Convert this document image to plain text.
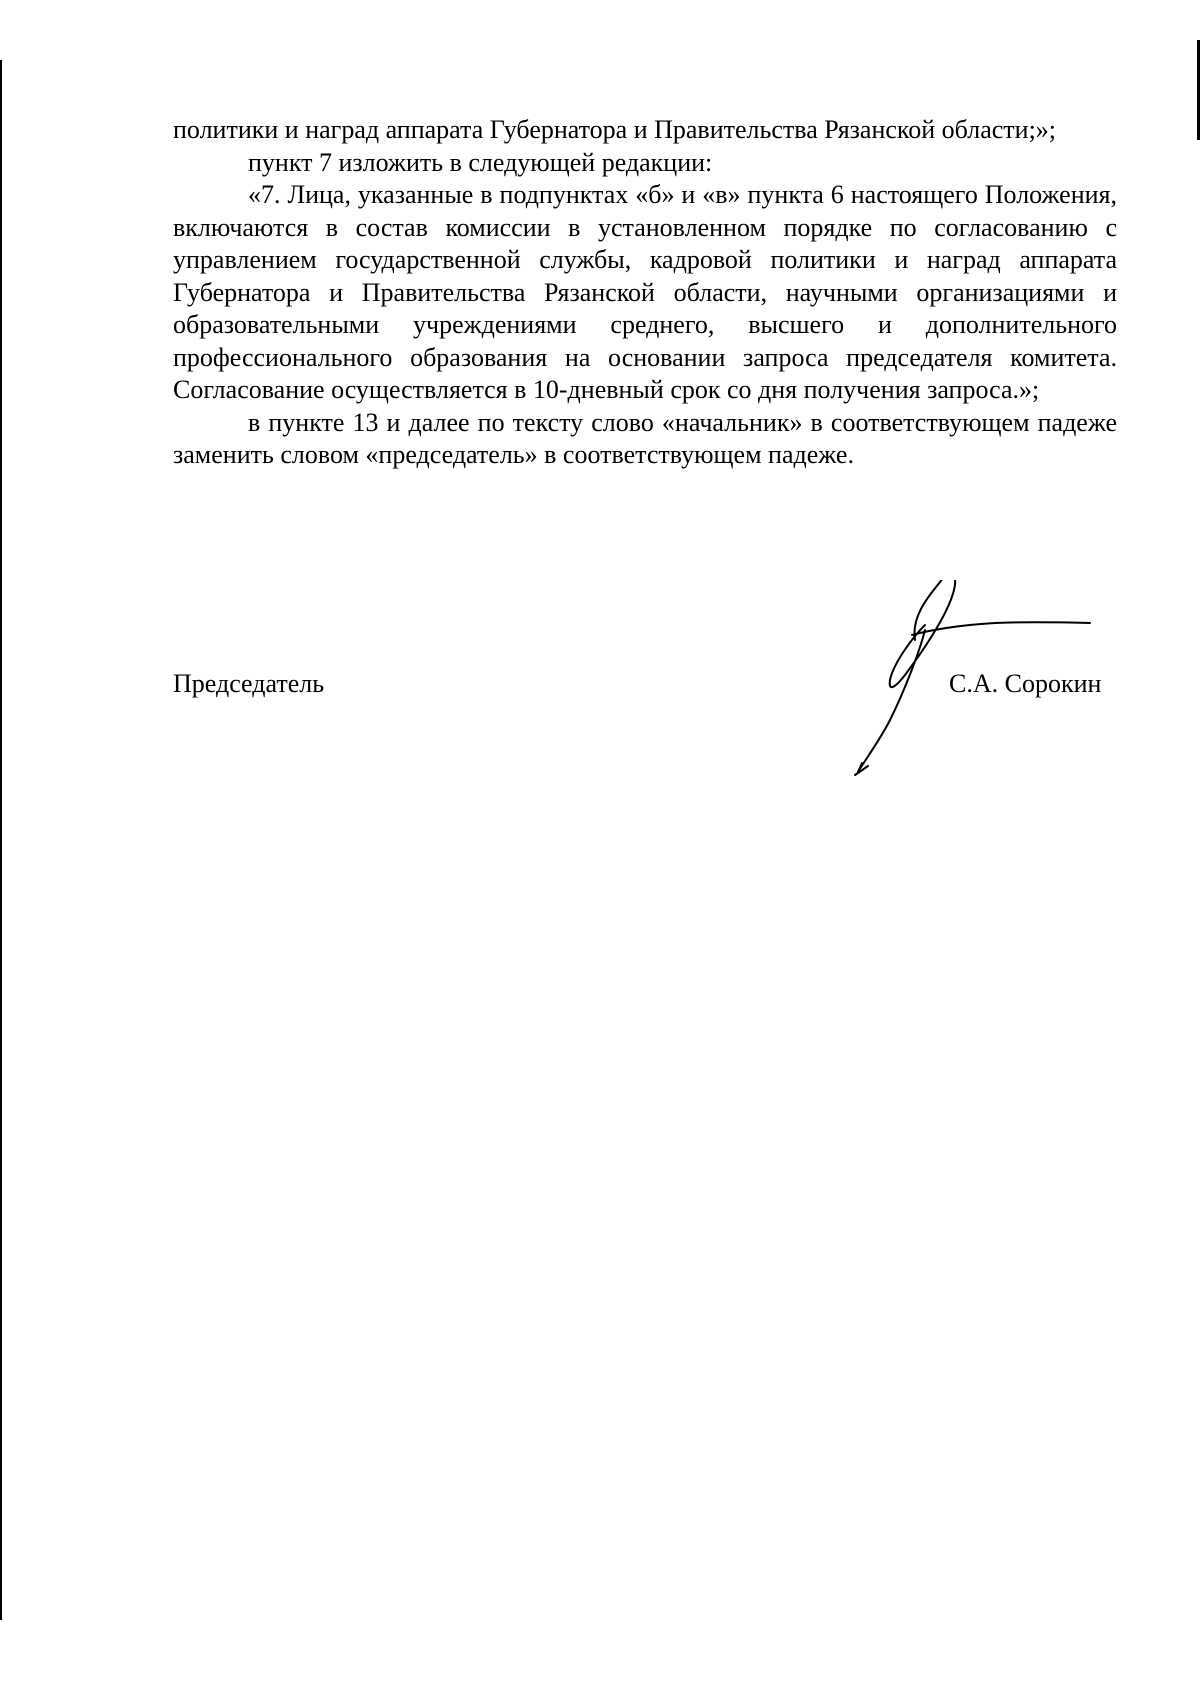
политики и наград аппарата Губернатора и Правительства Рязанской области;»;

пункт 7 изложить в следующей редакции:

«7. Лица, указанные в подпунктах «б» и «в» пункта 6 настоящего Положения, включаются в состав комиссии в установленном порядке по согласованию с управлением государственной службы, кадровой политики и наград аппарата Губернатора и Правительства Рязанской области, научными организациями и образовательными учреждениями среднего, высшего и дополнительного профессионального образования на основании запроса председателя комитета. Согласование осуществляется в 10-дневный срок со дня получения запроса.»;

в пункте 13 и далее по тексту слово «начальник» в соответствующем падеже заменить словом «председатель» в соответствующем падеже.

Председатель	С.А. Сорокин
